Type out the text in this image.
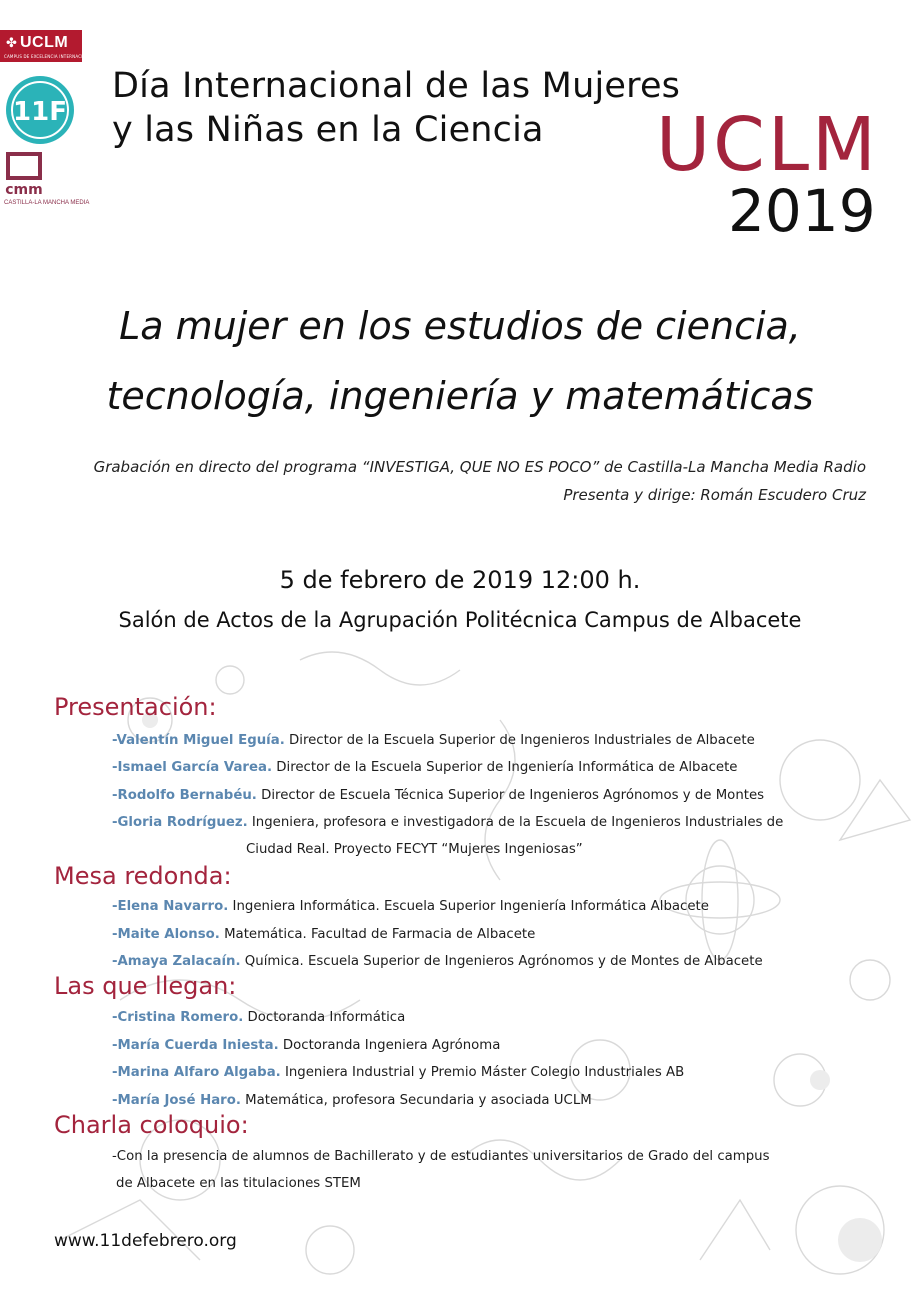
✤ UCLM
CAMPUS DE EXCELENCIA INTERNACIONAL
11F
cmm
CASTILLA-LA MANCHA MEDIA
Día Internacional de las Mujeres
y las Niñas en la Ciencia UCLM
2019
La mujer en los estudios de ciencia,
tecnología, ingeniería y matemáticas
Grabación en directo del programa “INVESTIGA, QUE NO ES POCO” de Castilla-La Mancha Media Radio
Presenta y dirige: Román Escudero Cruz
5 de febrero de 2019 12:00 h.
Salón de Actos de la Agrupación Politécnica Campus de Albacete
Presentación:
-Valentín Miguel Eguía. Director de la Escuela Superior de Ingenieros Industriales de Albacete
-Ismael García Varea. Director de la Escuela Superior de Ingeniería Informática de Albacete
-Rodolfo Bernabéu. Director de Escuela Técnica Superior de Ingenieros Agrónomos y de Montes
-Gloria Rodríguez. Ingeniera, profesora e investigadora de la Escuela de Ingenieros Industriales de
Ciudad Real. Proyecto FECYT “Mujeres Ingeniosas”
Mesa redonda:
-Elena Navarro. Ingeniera Informática. Escuela Superior Ingeniería Informática Albacete
-Maite Alonso. Matemática. Facultad de Farmacia de Albacete
-Amaya Zalacaín. Química. Escuela Superior de Ingenieros Agrónomos y de Montes de Albacete
Las que llegan:
-Cristina Romero. Doctoranda Informática
-María Cuerda Iniesta. Doctoranda Ingeniera Agrónoma
-Marina Alfaro Algaba. Ingeniera Industrial y Premio Máster Colegio Industriales AB
-María José Haro. Matemática, profesora Secundaria y asociada UCLM
Charla coloquio:
-Con la presencia de alumnos de Bachillerato y de estudiantes universitarios de Grado del campus
de Albacete en las titulaciones STEM
www.11defebrero.org
